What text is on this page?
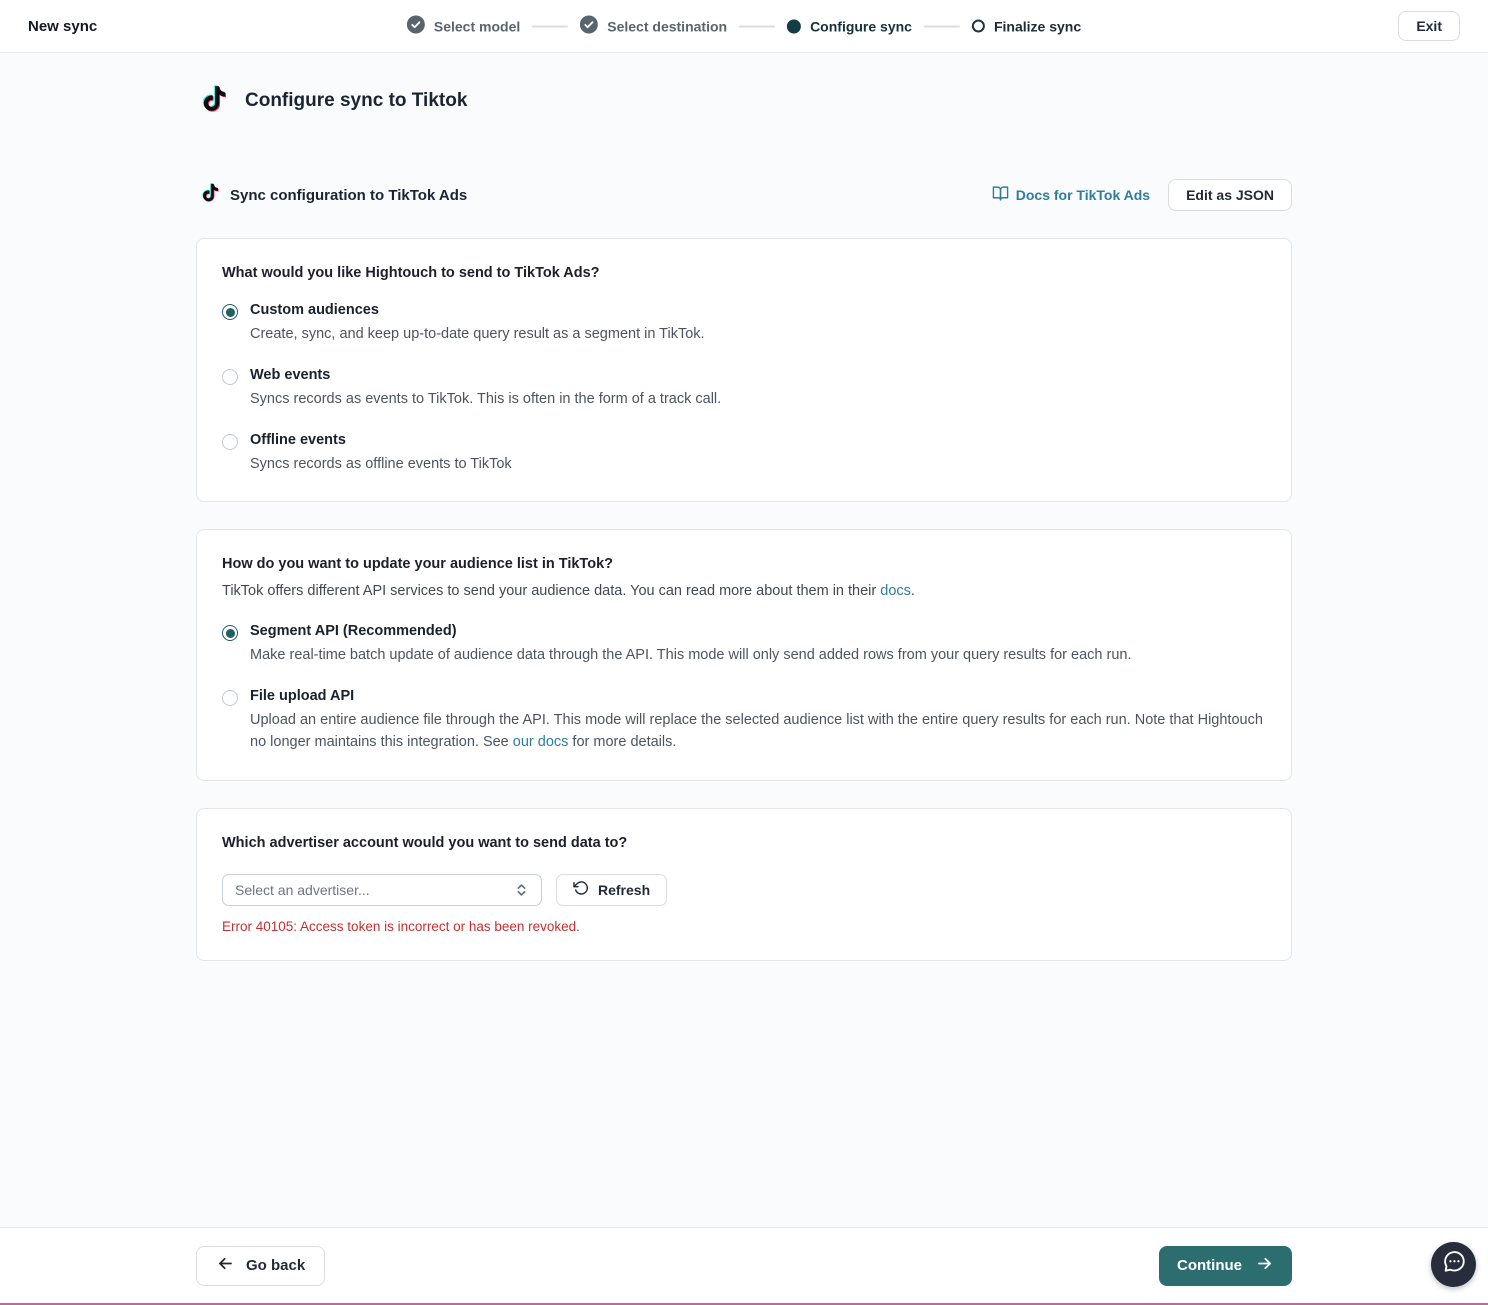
New sync	Select model	Select destination	Configure sync	Finalize sync	Exit
Configure sync to Tiktok
Sync configuration to TikTok Ads	Docs for TikTok Ads	Edit as JSON
What would you like Hightouch to send to TikTok Ads?
Custom audiences
Create, sync, and keep up-to-date query result as a segment in TikTok.
Web events
Syncs records as events to TikTok. This is often in the form of a track call.
Offline events
Syncs records as offline events to TikTok
How do you want to update your audience list in TikTok?
TikTok offers different API services to send your audience data. You can read more about them in their docs.
Segment API (Recommended)
Make real-time batch update of audience data through the API. This mode will only send added rows from your query results for each run.
File upload API
Upload an entire audience file through the API. This mode will replace the selected audience list with the entire query results for each run. Note that Hightouch no longer maintains this integration. See our docs for more details.
Which advertiser account would you want to send data to?
Select an advertiser...	Refresh
Error 40105: Access token is incorrect or has been revoked.
Go back	Continue
